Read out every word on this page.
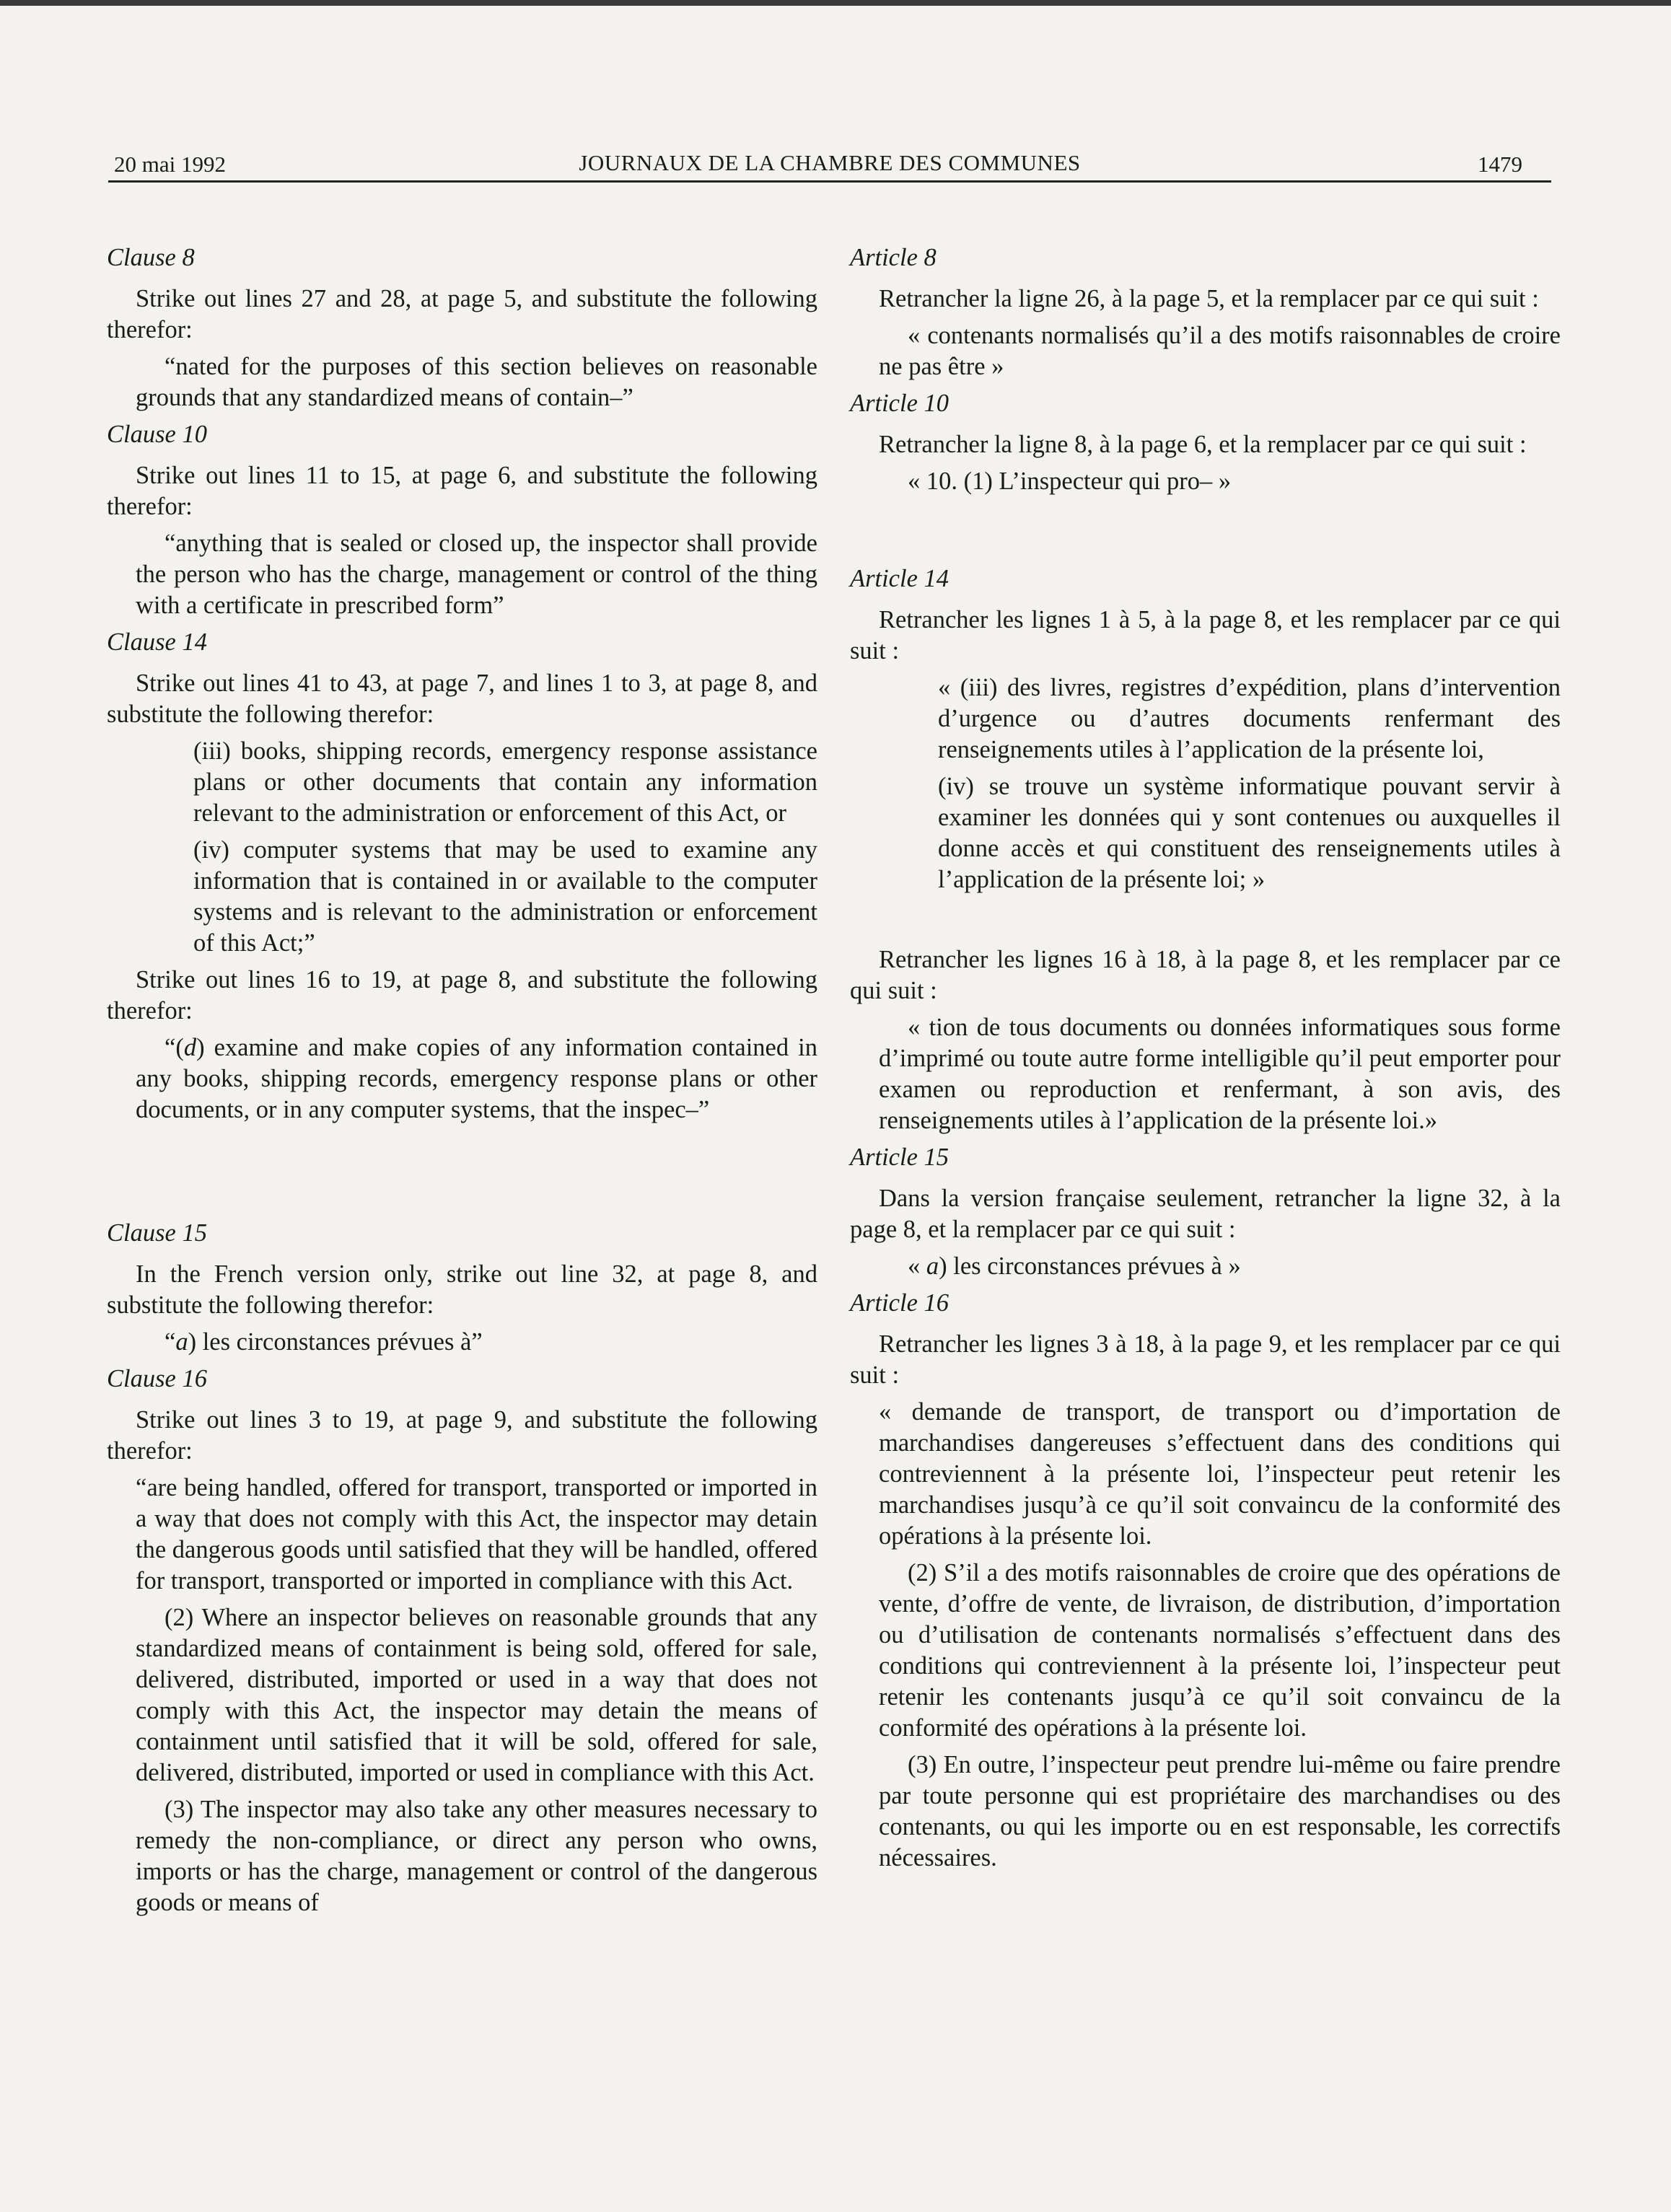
20 mai 1992	JOURNAUX DE LA CHAMBRE DES COMMUNES	1479
Clause 8
Strike out lines 27 and 28, at page 5, and substitute the following therefor:
“nated for the purposes of this section believes on reasonable grounds that any standardized means of contain–”
Clause 10
Strike out lines 11 to 15, at page 6, and substitute the following therefor:
“anything that is sealed or closed up, the inspector shall provide the person who has the charge, management or control of the thing with a certificate in prescribed form”
Clause 14
Strike out lines 41 to 43, at page 7, and lines 1 to 3, at page 8, and substitute the following therefor:
(iii) books, shipping records, emergency response assistance plans or other documents that contain any information relevant to the administration or enforcement of this Act, or
(iv) computer systems that may be used to examine any information that is contained in or available to the computer systems and is relevant to the administration or enforcement of this Act;”
Strike out lines 16 to 19, at page 8, and substitute the following therefor:
“(d) examine and make copies of any information contained in any books, shipping records, emergency response plans or other documents, or in any computer systems, that the inspec–”
Clause 15
In the French version only, strike out line 32, at page 8, and substitute the following therefor:
“a) les circonstances prévues à”
Clause 16
Strike out lines 3 to 19, at page 9, and substitute the following therefor:
“are being handled, offered for transport, transported or imported in a way that does not comply with this Act, the inspector may detain the dangerous goods until satisfied that they will be handled, offered for transport, transported or imported in compliance with this Act.
(2) Where an inspector believes on reasonable grounds that any standardized means of containment is being sold, offered for sale, delivered, distributed, imported or used in a way that does not comply with this Act, the inspector may detain the means of containment until satisfied that it will be sold, offered for sale, delivered, distributed, imported or used in compliance with this Act.
(3) The inspector may also take any other measures necessary to remedy the non-compliance, or direct any person who owns, imports or has the charge, management or control of the dangerous goods or means of
Article 8
Retrancher la ligne 26, à la page 5, et la remplacer par ce qui suit :
« contenants normalisés qu’il a des motifs raisonnables de croire ne pas être »
Article 10
Retrancher la ligne 8, à la page 6, et la remplacer par ce qui suit :
« 10. (1) L’inspecteur qui pro– »
Article 14
Retrancher les lignes 1 à 5, à la page 8, et les remplacer par ce qui suit :
« (iii) des livres, registres d’expédition, plans d’intervention d’urgence ou d’autres documents renfermant des renseignements utiles à l’application de la présente loi,
(iv) se trouve un système informatique pouvant servir à examiner les données qui y sont contenues ou auxquelles il donne accès et qui constituent des renseignements utiles à l’application de la présente loi; »
Retrancher les lignes 16 à 18, à la page 8, et les remplacer par ce qui suit :
« tion de tous documents ou données informatiques sous forme d’imprimé ou toute autre forme intelligible qu’il peut emporter pour examen ou reproduction et renfermant, à son avis, des renseignements utiles à l’application de la présente loi.»
Article 15
Dans la version française seulement, retrancher la ligne 32, à la page 8, et la remplacer par ce qui suit :
« a) les circonstances prévues à »
Article 16
Retrancher les lignes 3 à 18, à la page 9, et les remplacer par ce qui suit :
« demande de transport, de transport ou d’importation de marchandises dangereuses s’effectuent dans des conditions qui contreviennent à la présente loi, l’inspecteur peut retenir les marchandises jusqu’à ce qu’il soit convaincu de la conformité des opérations à la présente loi.
(2) S’il a des motifs raisonnables de croire que des opérations de vente, d’offre de vente, de livraison, de distribution, d’importation ou d’utilisation de contenants normalisés s’effectuent dans des conditions qui contreviennent à la présente loi, l’inspecteur peut retenir les contenants jusqu’à ce qu’il soit convaincu de la conformité des opérations à la présente loi.
(3) En outre, l’inspecteur peut prendre lui-même ou faire prendre par toute personne qui est propriétaire des marchandises ou des contenants, ou qui les importe ou en est responsable, les correctifs nécessaires.
